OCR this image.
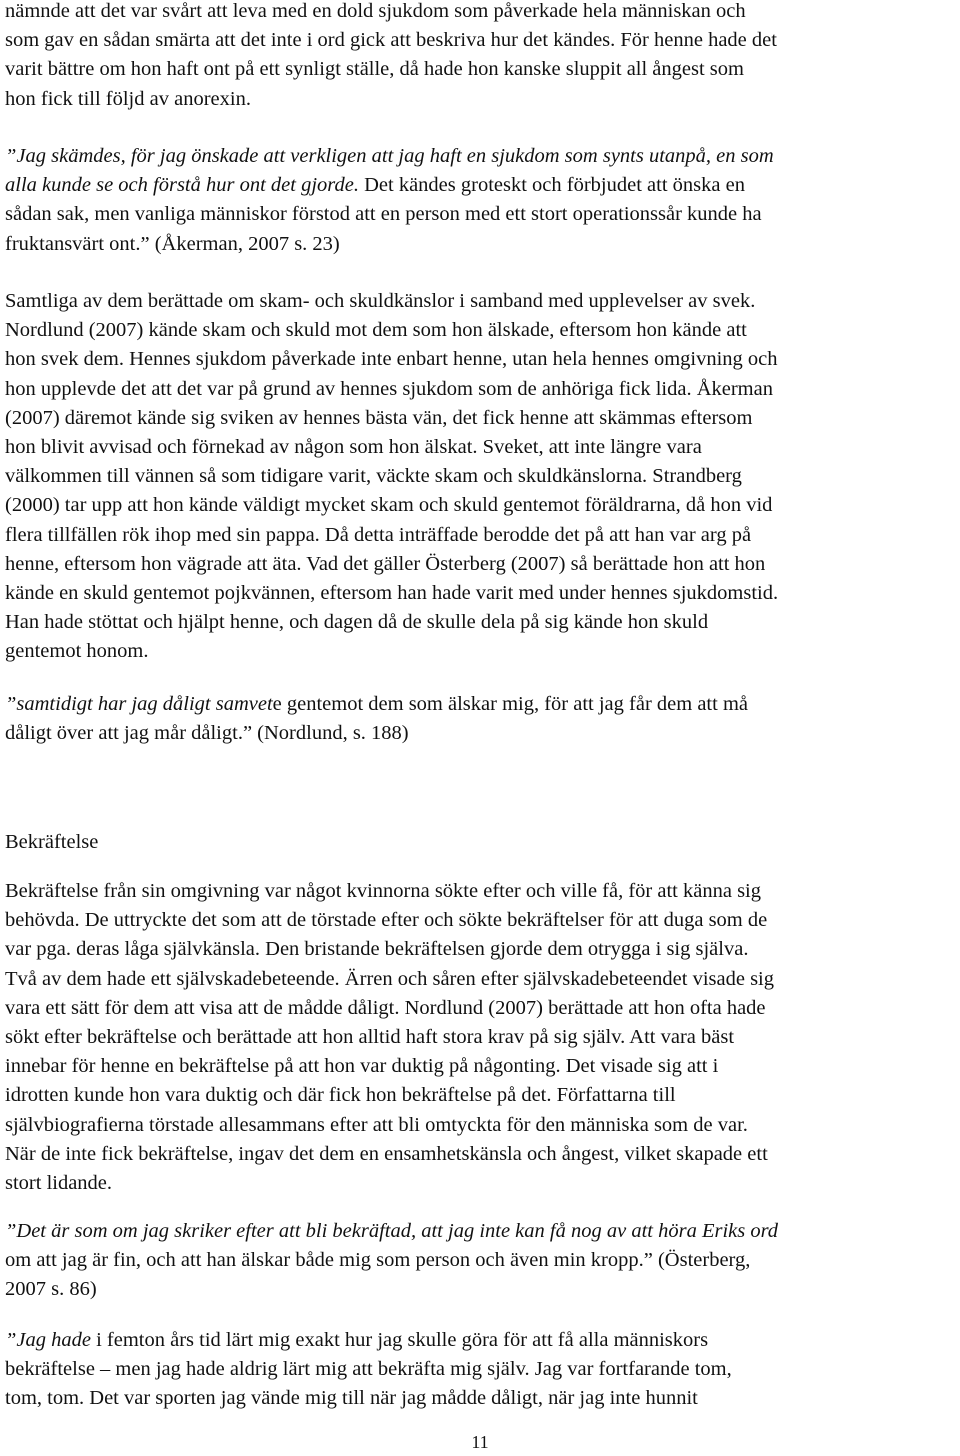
nämnde att det var svårt att leva med en dold sjukdom som påverkade hela människan och
som gav en sådan smärta att det inte i ord gick att beskriva hur det kändes. För henne hade det
varit bättre om hon haft ont på ett synligt ställe, då hade hon kanske sluppit all ångest som
hon fick till följd av anorexin.

”Jag skämdes, för jag önskade att verkligen att jag haft en sjukdom som synts utanpå, en som
alla kunde se och förstå hur ont det gjorde. Det kändes groteskt och förbjudet att önska en
sådan sak, men vanliga människor förstod att en person med ett stort operationssår kunde ha
fruktansvärt ont.” (Åkerman, 2007 s. 23)

Samtliga av dem berättade om skam- och skuldkänslor i samband med upplevelser av svek.
Nordlund (2007) kände skam och skuld mot dem som hon älskade, eftersom hon kände att
hon svek dem. Hennes sjukdom påverkade inte enbart henne, utan hela hennes omgivning och
hon upplevde det att det var på grund av hennes sjukdom som de anhöriga fick lida. Åkerman
(2007) däremot kände sig sviken av hennes bästa vän, det fick henne att skämmas eftersom
hon blivit avvisad och förnekad av någon som hon älskat. Sveket, att inte längre vara
välkommen till vännen så som tidigare varit, väckte skam och skuldkänslorna. Strandberg
(2000) tar upp att hon kände väldigt mycket skam och skuld gentemot föräldrarna, då hon vid
flera tillfällen rök ihop med sin pappa. Då detta inträffade berodde det på att han var arg på
henne, eftersom hon vägrade att äta. Vad det gäller Österberg (2007) så berättade hon att hon
kände en skuld gentemot pojkvännen, eftersom han hade varit med under hennes sjukdomstid.
Han hade stöttat och hjälpt henne, och dagen då de skulle dela på sig kände hon skuld
gentemot honom.

”samtidigt har jag dåligt samvete gentemot dem som älskar mig, för att jag får dem att må
dåligt över att jag mår dåligt.” (Nordlund, s. 188)

Bekräftelse

Bekräftelse från sin omgivning var något kvinnorna sökte efter och ville få, för att känna sig
behövda. De uttryckte det som att de törstade efter och sökte bekräftelser för att duga som de
var pga. deras låga självkänsla. Den bristande bekräftelsen gjorde dem otrygga i sig själva.
Två av dem hade ett självskadebeteende. Ärren och såren efter självskadebeteendet visade sig
vara ett sätt för dem att visa att de mådde dåligt. Nordlund (2007) berättade att hon ofta hade
sökt efter bekräftelse och berättade att hon alltid haft stora krav på sig själv. Att vara bäst
innebar för henne en bekräftelse på att hon var duktig på någonting. Det visade sig att i
idrotten kunde hon vara duktig och där fick hon bekräftelse på det. Författarna till
självbiografierna törstade allesammans efter att bli omtyckta för den människa som de var.
När de inte fick bekräftelse, ingav det dem en ensamhetskänsla och ångest, vilket skapade ett
stort lidande.

”Det är som om jag skriker efter att bli bekräftad, att jag inte kan få nog av att höra Eriks ord
om att jag är fin, och att han älskar både mig som person och även min kropp.” (Österberg,
2007 s. 86)

”Jag hade i femton års tid lärt mig exakt hur jag skulle göra för att få alla människors
bekräftelse – men jag hade aldrig lärt mig att bekräfta mig själv. Jag var fortfarande tom,
tom, tom. Det var sporten jag vände mig till när jag mådde dåligt, när jag inte hunnit

11
